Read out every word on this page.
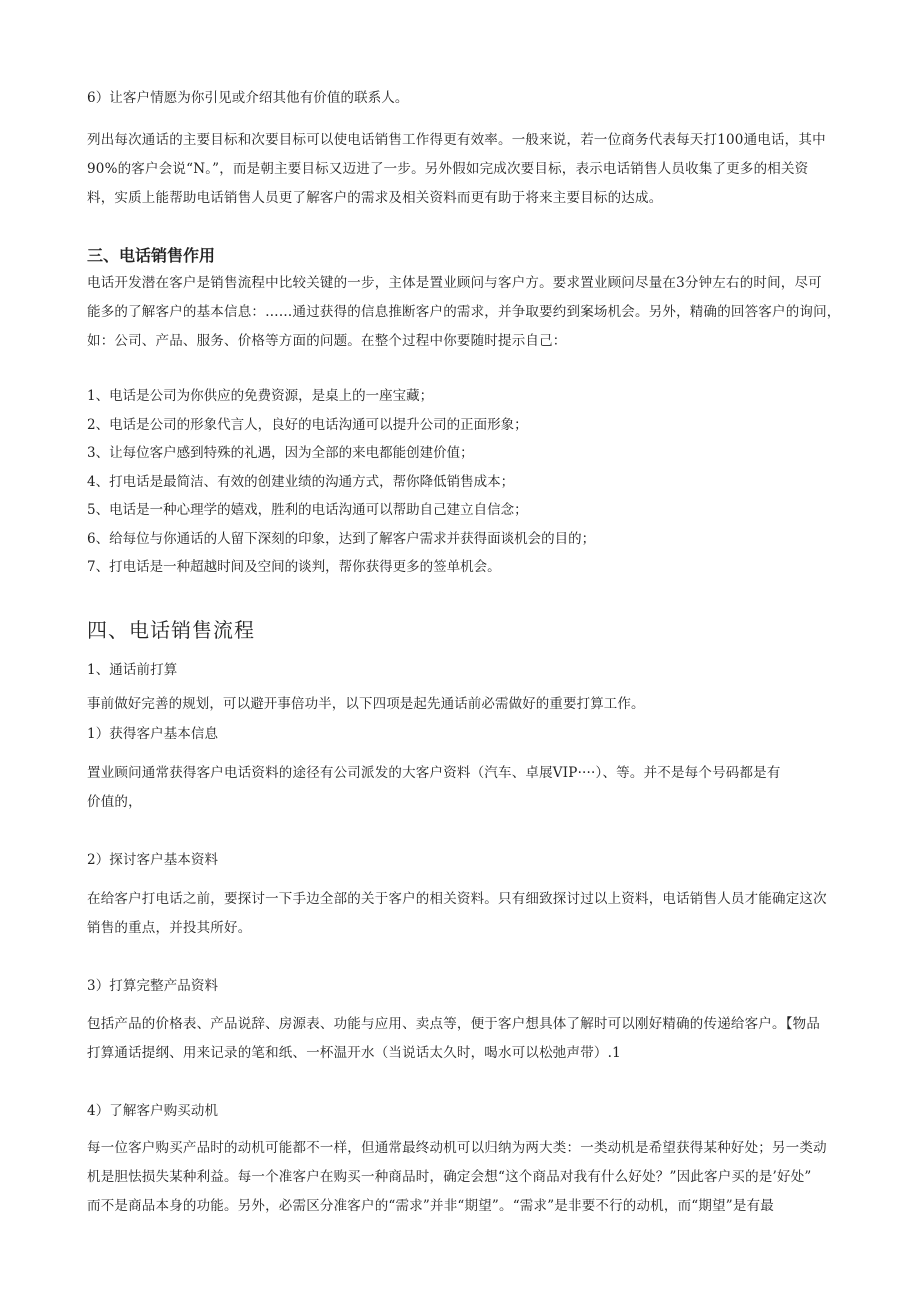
6）让客户情愿为你引见或介绍其他有价值的联系人。
列出每次通话的主要目标和次要目标可以使电话销售工作得更有效率。一般来说，若一位商务代表每天打100通电话，其中
90%的客户会说“N。”，而是朝主要目标又迈进了一步。另外假如完成次要目标，表示电话销售人员收集了更多的相关资
料，实质上能帮助电话销售人员更了解客户的需求及相关资料而更有助于将来主要目标的达成。
三、电话销售作用
电话开发潜在客户是销售流程中比较关键的一步，主体是置业顾问与客户方。要求置业顾问尽量在3分钟左右的时间，尽可
能多的了解客户的基本信息：……通过获得的信息推断客户的需求，并争取要约到案场机会。另外，精确的回答客户的询问，
如：公司、产品、服务、价格等方面的问题。在整个过程中你要随时提示自己：
1、电话是公司为你供应的免费资源，是桌上的一座宝藏；
2、电话是公司的形象代言人，良好的电话沟通可以提升公司的正面形象；
3、让每位客户感到特殊的礼遇，因为全部的来电都能创建价值；
4、打电话是最简洁、有效的创建业绩的沟通方式，帮你降低销售成本；
5、电话是一种心理学的嬉戏，胜利的电话沟通可以帮助自己建立自信念；
6、给每位与你通话的人留下深刻的印象，达到了解客户需求并获得面谈机会的目的；
7、打电话是一种超越时间及空间的谈判，帮你获得更多的签单机会。
四、电话销售流程
1、通话前打算
事前做好完善的规划，可以避开事倍功半，以下四项是起先通话前必需做好的重要打算工作。
1）获得客户基本信息
置业顾问通常获得客户电话资料的途径有公司派发的大客户资料（汽车、卓展VIP····）、等。并不是每个号码都是有
价值的，
2）探讨客户基本资料
在给客户打电话之前，要探讨一下手边全部的关于客户的相关资料。只有细致探讨过以上资料，电话销售人员才能确定这次
销售的重点，并投其所好。
3）打算完整产品资料
包括产品的价格表、产品说辞、房源表、功能与应用、卖点等，便于客户想具体了解时可以刚好精确的传递给客户。【物品
打算通话提纲、用来记录的笔和纸、一杯温开水（当说话太久时，喝水可以松弛声带）.1
4）了解客户购买动机
每一位客户购买产品时的动机可能都不一样，但通常最终动机可以归纳为两大类：一类动机是希望获得某种好处；另一类动
机是胆怯损失某种利益。每一个准客户在购买一种商品时，确定会想“这个商品对我有什么好处？”因此客户买的是’好处”
而不是商品本身的功能。另外，必需区分准客户的“需求”并非“期望”。“需求”是非要不行的动机，而“期望”是有最
